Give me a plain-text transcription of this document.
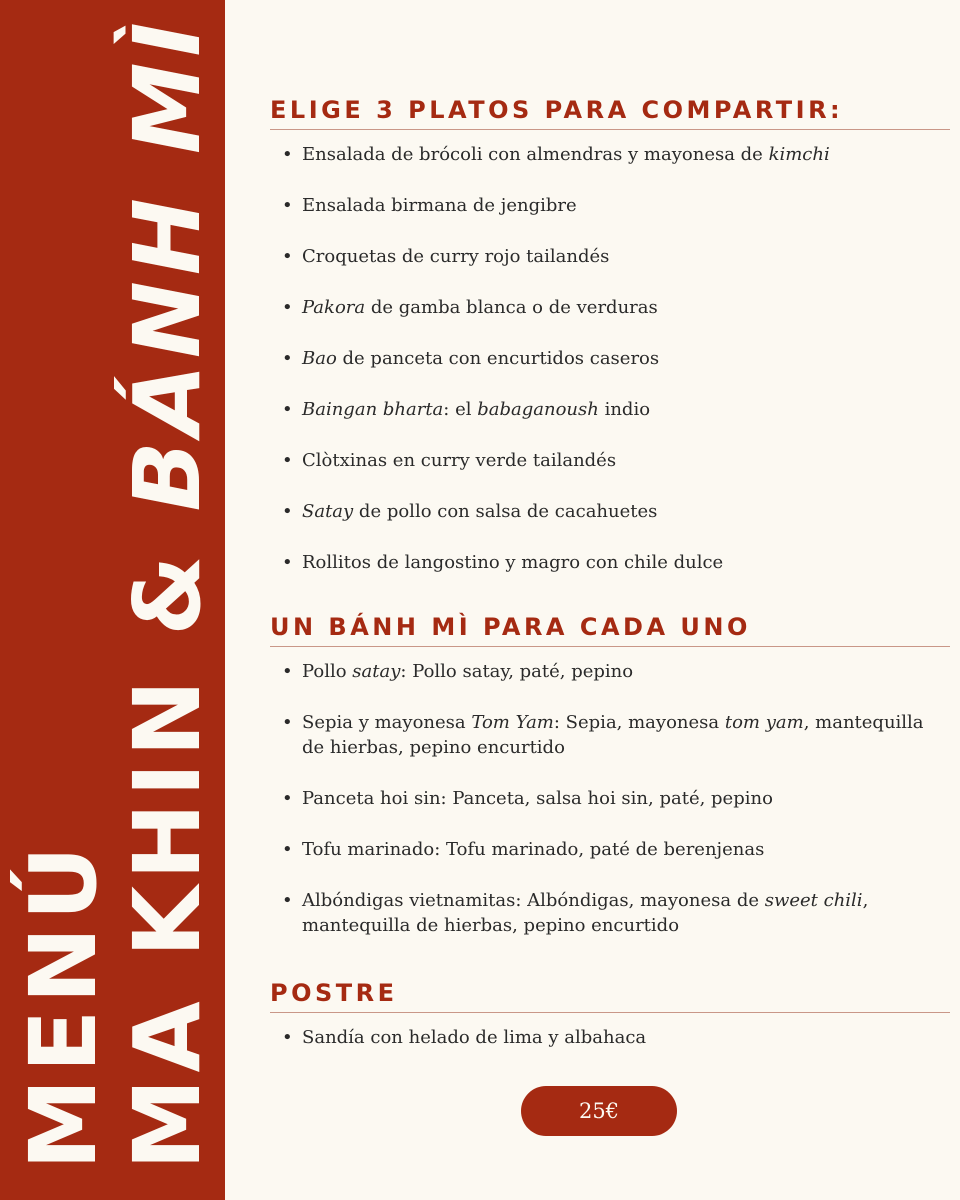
MENÚ
MA KHIN & BÁNH MÌ ELIGE 3 PLATOS PARA COMPARTIR:
• Ensalada de brócoli con almendras y mayonesa de kimchi
• Ensalada birmana de jengibre
• Croquetas de curry rojo tailandés
• Pakora de gamba blanca o de verduras
• Bao de panceta con encurtidos caseros
• Baingan bharta: el babaganoush indio
• Clòtxinas en curry verde tailandés
• Satay de pollo con salsa de cacahuetes
• Rollitos de langostino y magro con chile dulce
UN BÁNH MÌ PARA CADA UNO
• Pollo satay: Pollo satay, paté, pepino
• Sepia y mayonesa Tom Yam: Sepia, mayonesa tom yam, mantequilla de hierbas, pepino encurtido
• Panceta hoi sin: Panceta, salsa hoi sin, paté, pepino
• Tofu marinado: Tofu marinado, paté de berenjenas
• Albóndigas vietnamitas: Albóndigas, mayonesa de sweet chili, mantequilla de hierbas, pepino encurtido
POSTRE
• Sandía con helado de lima y albahaca
25€
